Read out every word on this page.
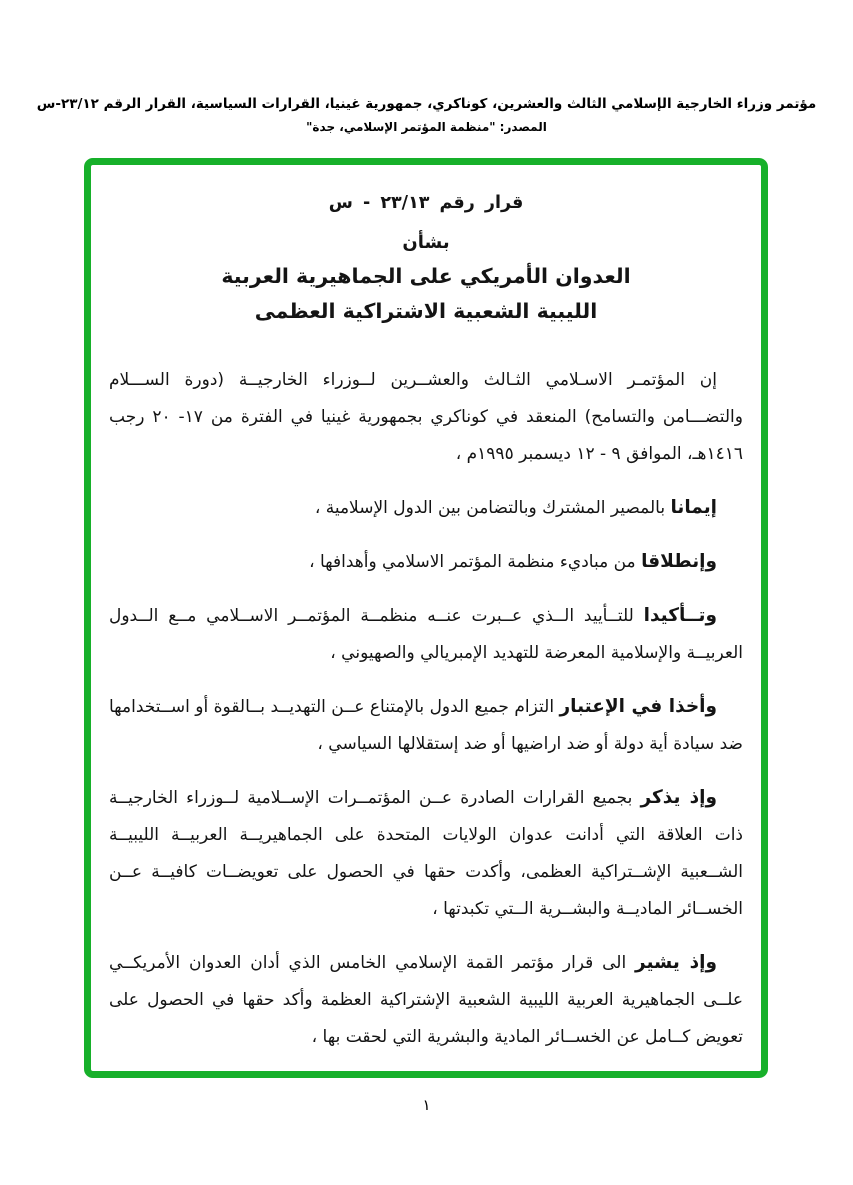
مؤتمر وزراء الخارجية الإسلامي الثالث والعشرين، كوناكري، جمهورية غينيا، القرارات السياسية، القرار الرقم ٢٣/١٢-س
المصدر: "منظمة المؤتمر الإسلامي، جدة"
قرار رقم ٢٣/١٣ - س
بشأن
العدوان الأمريكي على الجماهيرية العربية
الليبية الشعبية الاشتراكية العظمى

إن المؤتمـر الاسـلامي الثـالث والعشــرين لــوزراء الخارجيــة (دورة الســـلام والتضـــامن والتسامح) المنعقد في كوناكري بجمهورية غينيا في الفترة من ١٧- ٢٠ رجب ١٤١٦هـ، الموافق ٩ - ١٢ ديسمبر ١٩٩٥م ،

إيمانا بالمصير المشترك وبالتضامن بين الدول الإسلامية ،

وإنطلاقا من مباديء منظمة المؤتمر الاسلامي وأهدافها ،

وتــأكيدا للتــأييد الــذي عــبرت عنــه منظمــة المؤتمــر الاســلامي مــع الــدول العربيــة والإسلامية المعرضة للتهديد الإمبريالي والصهيوني ،

وأخذا في الإعتبار التزام جميع الدول بالإمتناع عــن التهديــد بــالقوة أو اســتخدامها ضد سيادة أية دولة أو ضد اراضيها أو ضد إستقلالها السياسي ،

وإذ يذكر بجميع القرارات الصادرة عــن المؤتمــرات الإســلامية لــوزراء الخارجيــة ذات العلاقة التي أدانت عدوان الولايات المتحدة على الجماهيريــة العربيــة الليبيــة الشــعبية الإشــتراكية العظمى، وأكدت حقها في الحصول على تعويضــات كافيــة عــن الخســائر الماديــة والبشــرية الــتي تكبدتها ،

وإذ يشير الى قرار مؤتمر القمة الإسلامي الخامس الذي أدان العدوان الأمريكــي علــى الجماهيرية العربية الليبية الشعبية الإشتراكية العظمة وأكد حقها في الحصول على تعويض كــامل عن الخســائر المادية والبشرية التي لحقت بها ،

١
